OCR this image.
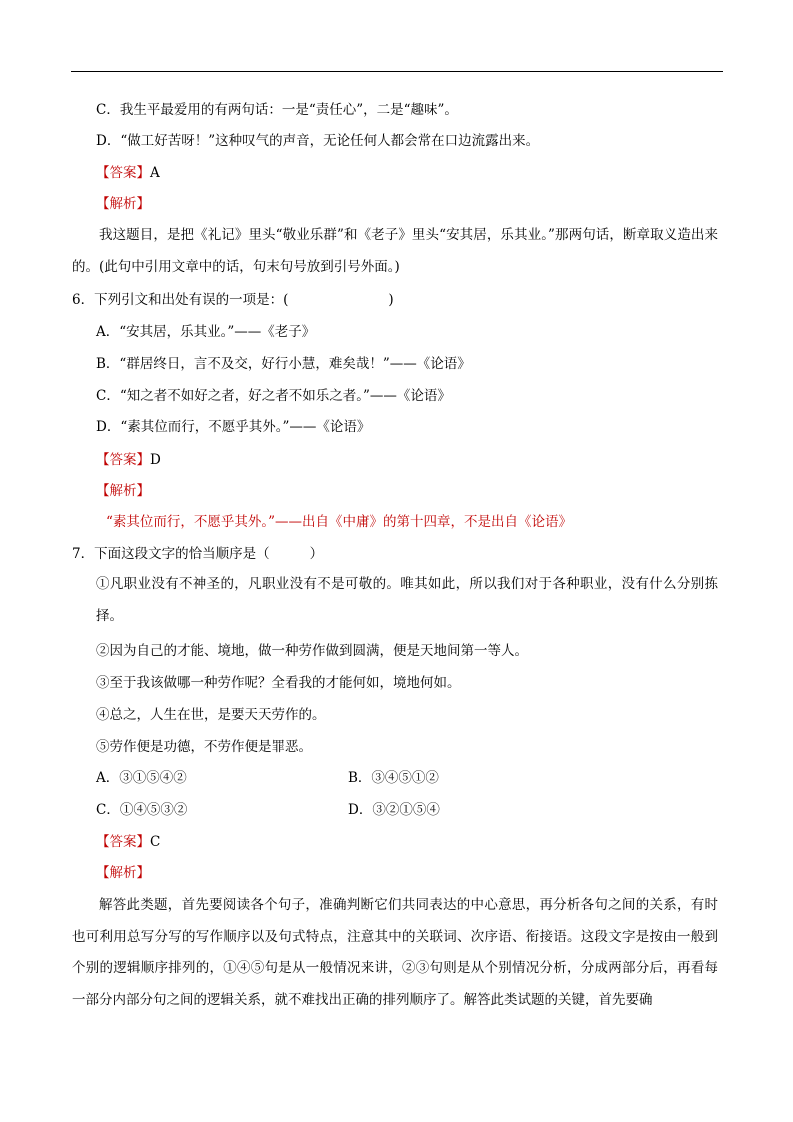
C．我生平最爱用的有两句话：一是“责任心”，二是“趣味”。
D．“做工好苦呀！”这种叹气的声音，无论任何人都会常在口边流露出来。
【答案】A
【解析】
我这题目，是把《礼记》里头“敬业乐群”和《老子》里头“安其居，乐其业。”那两句话，断章取义造出来的。(此句中引用文章中的话，句末句号放到引号外面。)
6．下列引文和出处有误的一项是：(	)
A．“安其居，乐其业。”——《老子》
B．“群居终日，言不及交，好行小慧，难矣哉！”——《论语》
C．“知之者不如好之者，好之者不如乐之者。”——《论语》
D．“素其位而行，不愿乎其外。”——《论语》
【答案】D
【解析】
“素其位而行，不愿乎其外。”——出自《中庸》的第十四章，不是出自《论语》
7．下面这段文字的恰当顺序是（	）
①凡职业没有不神圣的，凡职业没有不是可敬的。唯其如此，所以我们对于各种职业，没有什么分别拣择。
②因为自己的才能、境地，做一种劳作做到圆满，便是天地间第一等人。
③至于我该做哪一种劳作呢？全看我的才能何如，境地何如。
④总之，人生在世，是要天天劳作的。
⑤劳作便是功德，不劳作便是罪恶。
A．③①⑤④②	B．③④⑤①②
C．①④⑤③②	D．③②①⑤④
【答案】C
【解析】
解答此类题，首先要阅读各个句子，准确判断它们共同表达的中心意思，再分析各句之间的关系，有时也可利用总写分写的写作顺序以及句式特点，注意其中的关联词、次序语、衔接语。这段文字是按由一般到个别的逻辑顺序排列的，①④⑤句是从一般情况来讲，②③句则是从个别情况分析，分成两部分后，再看每一部分内部分句之间的逻辑关系，就不难找出正确的排列顺序了。解答此类试题的关键，首先要确
